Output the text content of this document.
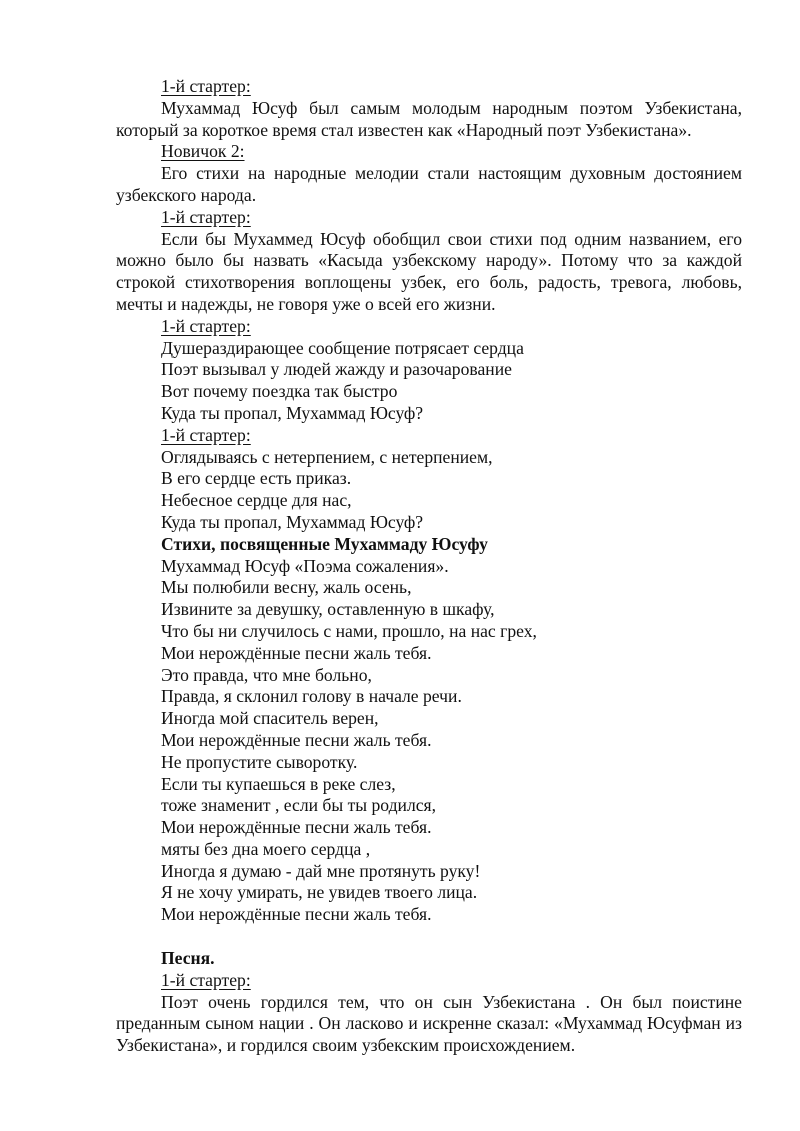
1-й стартер:

Мухаммад Юсуф был самым молодым народным поэтом Узбекистана, который за короткое время стал известен как «Народный поэт Узбекистана».

Новичок 2:

Его стихи на народные мелодии стали настоящим духовным достоянием узбекского народа.

1-й стартер:

Если бы Мухаммед Юсуф обобщил свои стихи под одним названием, его можно было бы назвать «Касыда узбекскому народу». Потому что за каждой строкой стихотворения воплощены узбек, его боль, радость, тревога, любовь, мечты и надежды, не говоря уже о всей его жизни.

1-й стартер:
Душераздирающее сообщение потрясает сердца
Поэт вызывал у людей жажду и разочарование
Вот почему поездка так быстро
Куда ты пропал, Мухаммад Юсуф?
1-й стартер:
Оглядываясь с нетерпением, с нетерпением,
В его сердце есть приказ.
Небесное сердце для нас,
Куда ты пропал, Мухаммад Юсуф?
Стихи, посвященные Мухаммаду Юсуфу
Мухаммад Юсуф «Поэма сожаления».
Мы полюбили весну, жаль осень,
Извините за девушку, оставленную в шкафу,
Что бы ни случилось с нами, прошло, на нас грех,
Мои нерождённые песни жаль тебя.
Это правда, что мне больно,
Правда, я склонил голову в начале речи.
Иногда мой спаситель верен,
Мои нерождённые песни жаль тебя.
Не пропустите сыворотку.
Если ты купаешься в реке слез,
тоже знаменит , если бы ты родился,
Мои нерождённые песни жаль тебя.
мяты без дна моего сердца ,
Иногда я думаю - дай мне протянуть руку!
Я не хочу умирать, не увидев твоего лица.
Мои нерождённые песни жаль тебя.
Песня.
1-й стартер:

Поэт очень гордился тем, что он сын Узбекистана . Он был поистине преданным сыном нации . Он ласково и искренне сказал: «Мухаммад Юсуфман из Узбекистана», и гордился своим узбекским происхождением.
